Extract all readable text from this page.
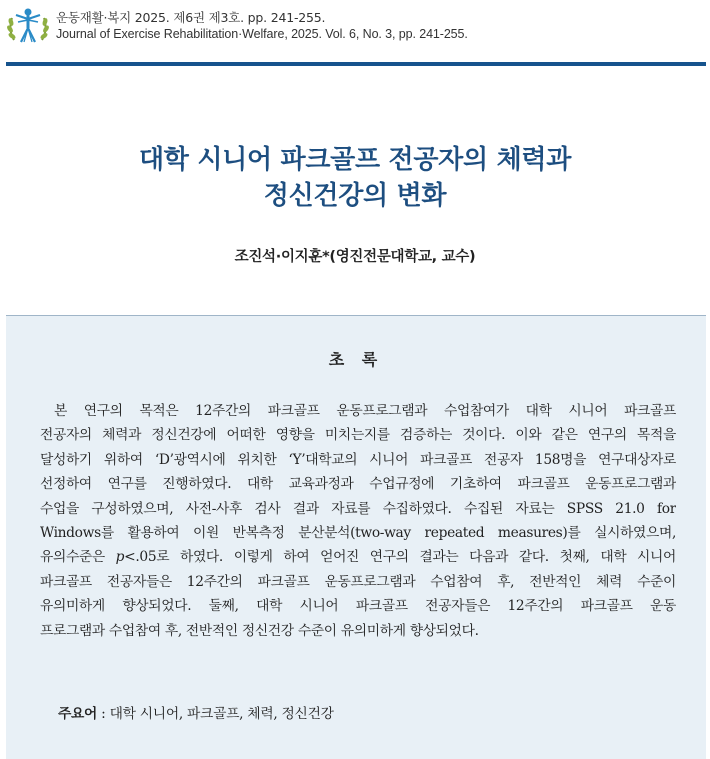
운동재활·복지 2025. 제6권 제3호. pp. 241-255.
Journal of Exercise Rehabilitation·Welfare, 2025. Vol. 6, No. 3, pp. 241-255.
대학 시니어 파크골프 전공자의 체력과
정신건강의 변화
조진석·이지훈*(영진전문대학교, 교수)
초 록
본 연구의 목적은 12주간의 파크골프 운동프로그램과 수업참여가 대학 시니어 파크골프
전공자의 체력과 정신건강에 어떠한 영향을 미치는지를 검증하는 것이다. 이와 같은 연구의 목적을
달성하기 위하여 ‘D’광역시에 위치한 ‘Y’대학교의 시니어 파크골프 전공자 158명을 연구대상자로
선정하여 연구를 진행하였다. 대학 교육과정과 수업규정에 기초하여 파크골프 운동프로그램과
수업을 구성하였으며, 사전-사후 검사 결과 자료를 수집하였다. 수집된 자료는 SPSS 21.0 for
Windows를 활용하여 이원 반복측정 분산분석(two-way repeated measures)를 실시하였으며,
유의수준은 p<.05로 하였다. 이렇게 하여 얻어진 연구의 결과는 다음과 같다. 첫째, 대학 시니어
파크골프 전공자들은 12주간의 파크골프 운동프로그램과 수업참여 후, 전반적인 체력 수준이
유의미하게 향상되었다. 둘째, 대학 시니어 파크골프 전공자들은 12주간의 파크골프 운동
프로그램과 수업참여 후, 전반적인 정신건강 수준이 유의미하게 향상되었다.
주요어 : 대학 시니어, 파크골프, 체력, 정신건강
